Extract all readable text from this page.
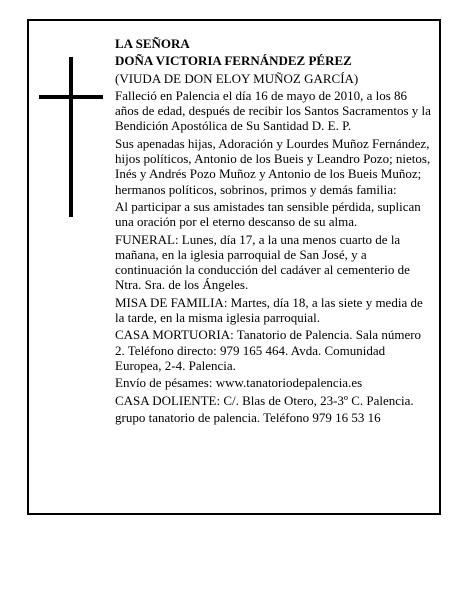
LA SEÑORA

DOÑA VICTORIA FERNÁNDEZ PÉREZ

(VIUDA DE DON ELOY MUÑOZ GARCÍA)

Falleció en Palencia el día 16 de mayo de 2010, a los 86 años de edad, después de recibir los Santos Sacramentos y la Bendición Apostólica de Su Santidad D. E. P.

Sus apenadas hijas, Adoración y Lourdes Muñoz Fernández, hijos políticos, Antonio de los Bueis y Leandro Pozo; nietos, Inés y Andrés Pozo Muñoz y Antonio de los Bueis Muñoz; hermanos políticos, sobrinos, primos y demás familia:

Al participar a sus amistades tan sensible pérdida, suplican una oración por el eterno descanso de su alma.

FUNERAL: Lunes, día 17, a la una menos cuarto de la mañana, en la iglesia parroquial de San José, y a continuación la conducción del cadáver al cementerio de Ntra. Sra. de los Ángeles.

MISA DE FAMILIA: Martes, día 18, a las siete y media de la tarde, en la misma iglesia parroquial.

CASA MORTUORIA: Tanatorio de Palencia. Sala número 2. Teléfono directo: 979 165 464. Avda. Comunidad Europea, 2-4. Palencia.

Envío de pésames: www.tanatoriodepalencia.es

CASA DOLIENTE: C/. Blas de Otero, 23-3º C. Palencia.

grupo tanatorio de palencia. Teléfono 979 16 53 16
